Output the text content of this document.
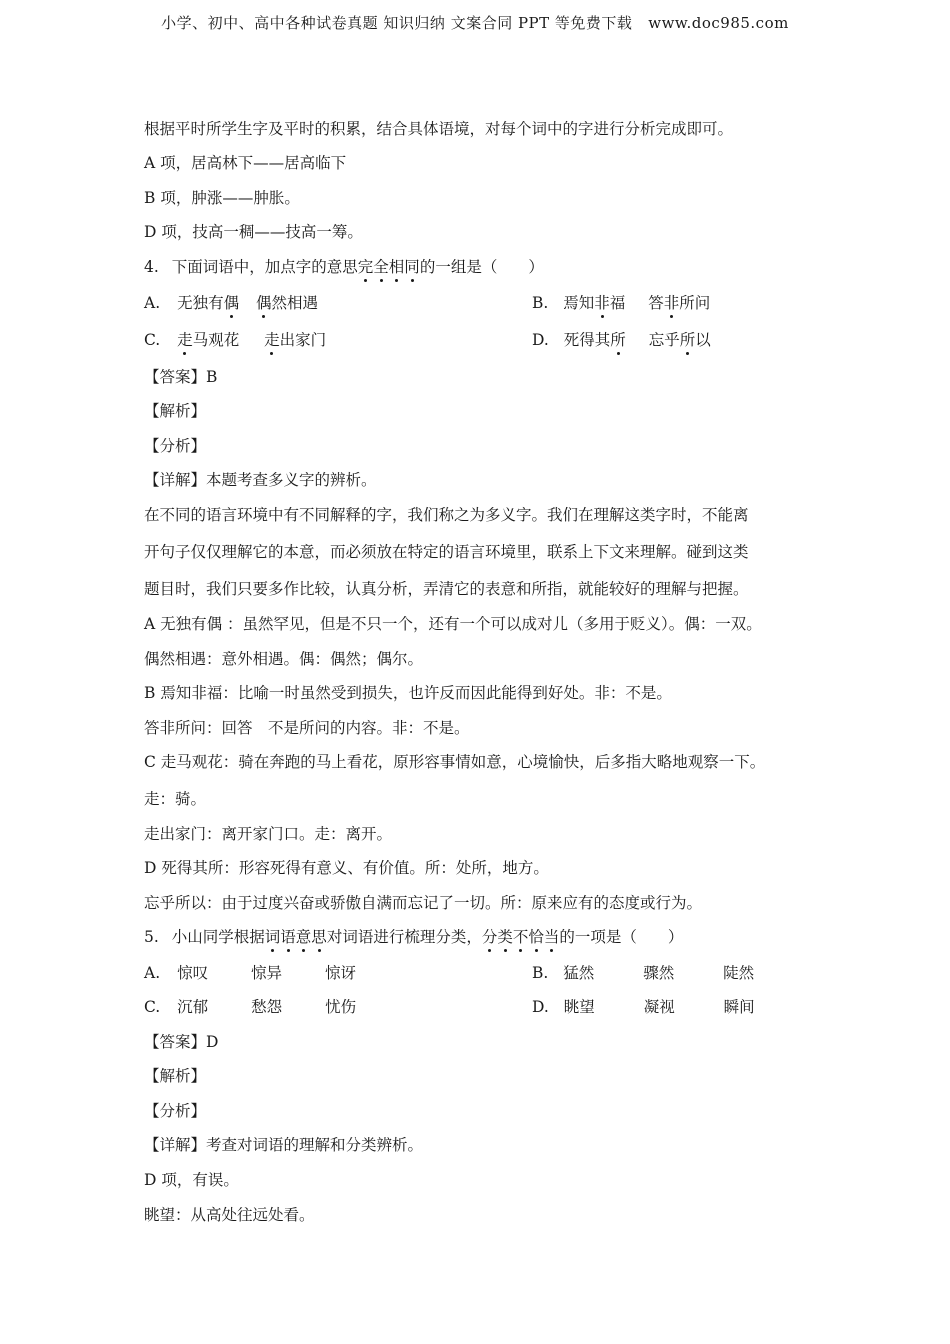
小学、初中、高中各种试卷真题 知识归纳 文案合同 PPT 等免费下载 www.doc985.com
根据平时所学生字及平时的积累，结合具体语境，对每个词中的字进行分析完成即可。
A 项，居高林下——居高临下
B 项，肿涨——肿胀。
D 项，技高一稠——技高一筹。
4. 下面词语中，加点字的意思完全相同的一组是（　　）
A. 无独有偶 偶然相遇	B. 焉知非福 答非所问
C. 走马观花 走出家门	D. 死得其所 忘乎所以
【答案】B
【解析】
【分析】
【详解】本题考查多义字的辨析。
在不同的语言环境中有不同解释的字，我们称之为多义字。我们在理解这类字时，不能离
开句子仅仅理解它的本意，而必须放在特定的语言环境里，联系上下文来理解。碰到这类
题目时，我们只要多作比较，认真分析，弄清它的表意和所指，就能较好的理解与把握。
A 无独有偶 ：虽然罕见，但是不只一个，还有一个可以成对儿（多用于贬义）。偶：一双。
偶然相遇：意外相遇。偶：偶然；偶尔。
B 焉知非福：比喻一时虽然受到损失，也许反而因此能得到好处。非：不是。
答非所问：回答　不是所问的内容。非：不是。
C 走马观花：骑在奔跑的马上看花，原形容事情如意，心境愉快，后多指大略地观察一下。
走：骑。
走出家门：离开家门口。走：离开。
D 死得其所：形容死得有意义、有价值。所：处所，地方。
忘乎所以：由于过度兴奋或骄傲自满而忘记了一切。所：原来应有的态度或行为。
5. 小山同学根据词语意思对词语进行梳理分类，分类不恰当的一项是（　　）
A. 惊叹	惊异	惊讶	B. 猛然	骤然	陡然
C. 沉郁	愁怨	忧伤	D. 眺望	凝视	瞬间
【答案】D
【解析】
【分析】
【详解】考查对词语的理解和分类辨析。
D 项，有误。
眺望：从高处往远处看。
